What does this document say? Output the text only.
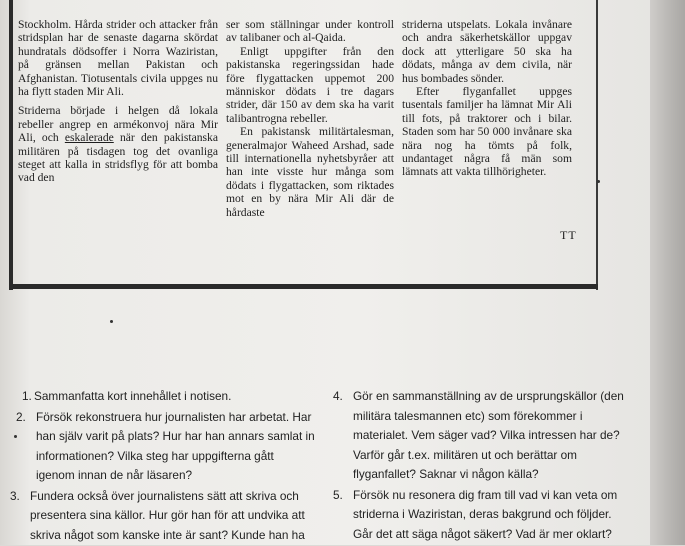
Stockholm. Hårda strider och attacker från stridsplan har de senaste dagarna skördat hundratals dödsoffer i Norra Waziristan, på gränsen mellan Pakistan och Afghanistan. Tiotusentals civila uppges nu ha flytt staden Mir Ali.

Striderna började i helgen då lokala rebeller angrep en armékonvoj nära Mir Ali, och eskalerade när den pakistanska militären på tisdagen tog det ovanliga steget att kalla in stridsflyg för att bomba vad den

ser som ställningar under kontroll av talibaner och al-Qaida.

Enligt uppgifter från den pakistanska regeringssidan hade före flygattacken uppemot 200 människor dödats i tre dagars strider, där 150 av dem ska ha varit talibantrogna rebeller.

En pakistansk militärtalesman, generalmajor Waheed Arshad, sade till internationella nyhetsbyråer att han inte visste hur många som dödats i flygattacken, som riktades mot en by nära Mir Ali där de hårdaste

striderna utspelats. Lokala invånare och andra säkerhetskällor uppgav dock att ytterligare 50 ska ha dödats, många av dem civila, när hus bombades sönder.

Efter flyganfallet uppges tusentals familjer ha lämnat Mir Ali till fots, på traktorer och i bilar. Staden som har 50 000 invånare ska nära nog ha tömts på folk, undantaget några få män som lämnats att vakta tillhörigheter.

TT
1. Sammanfatta kort innehållet i notisen.
2. Försök rekonstruera hur journalisten har arbetat. Har han själv varit på plats? Hur har han annars samlat in informationen? Vilka steg har uppgifterna gått igenom innan de når läsaren?
3. Fundera också över journalistens sätt att skriva och presentera sina källor. Hur gör han för att undvika att skriva något som kanske inte är sant? Kunde han ha
4. Gör en sammanställning av de ursprungskällor (den militära talesmannen etc) som förekommer i materialet. Vem säger vad? Vilka intressen har de? Varför går t.ex. militären ut och berättar om flyganfallet? Saknar vi någon källa?
5. Försök nu resonera dig fram till vad vi kan veta om striderna i Waziristan, deras bakgrund och följder. Går det att säga något säkert? Vad är mer oklart?
